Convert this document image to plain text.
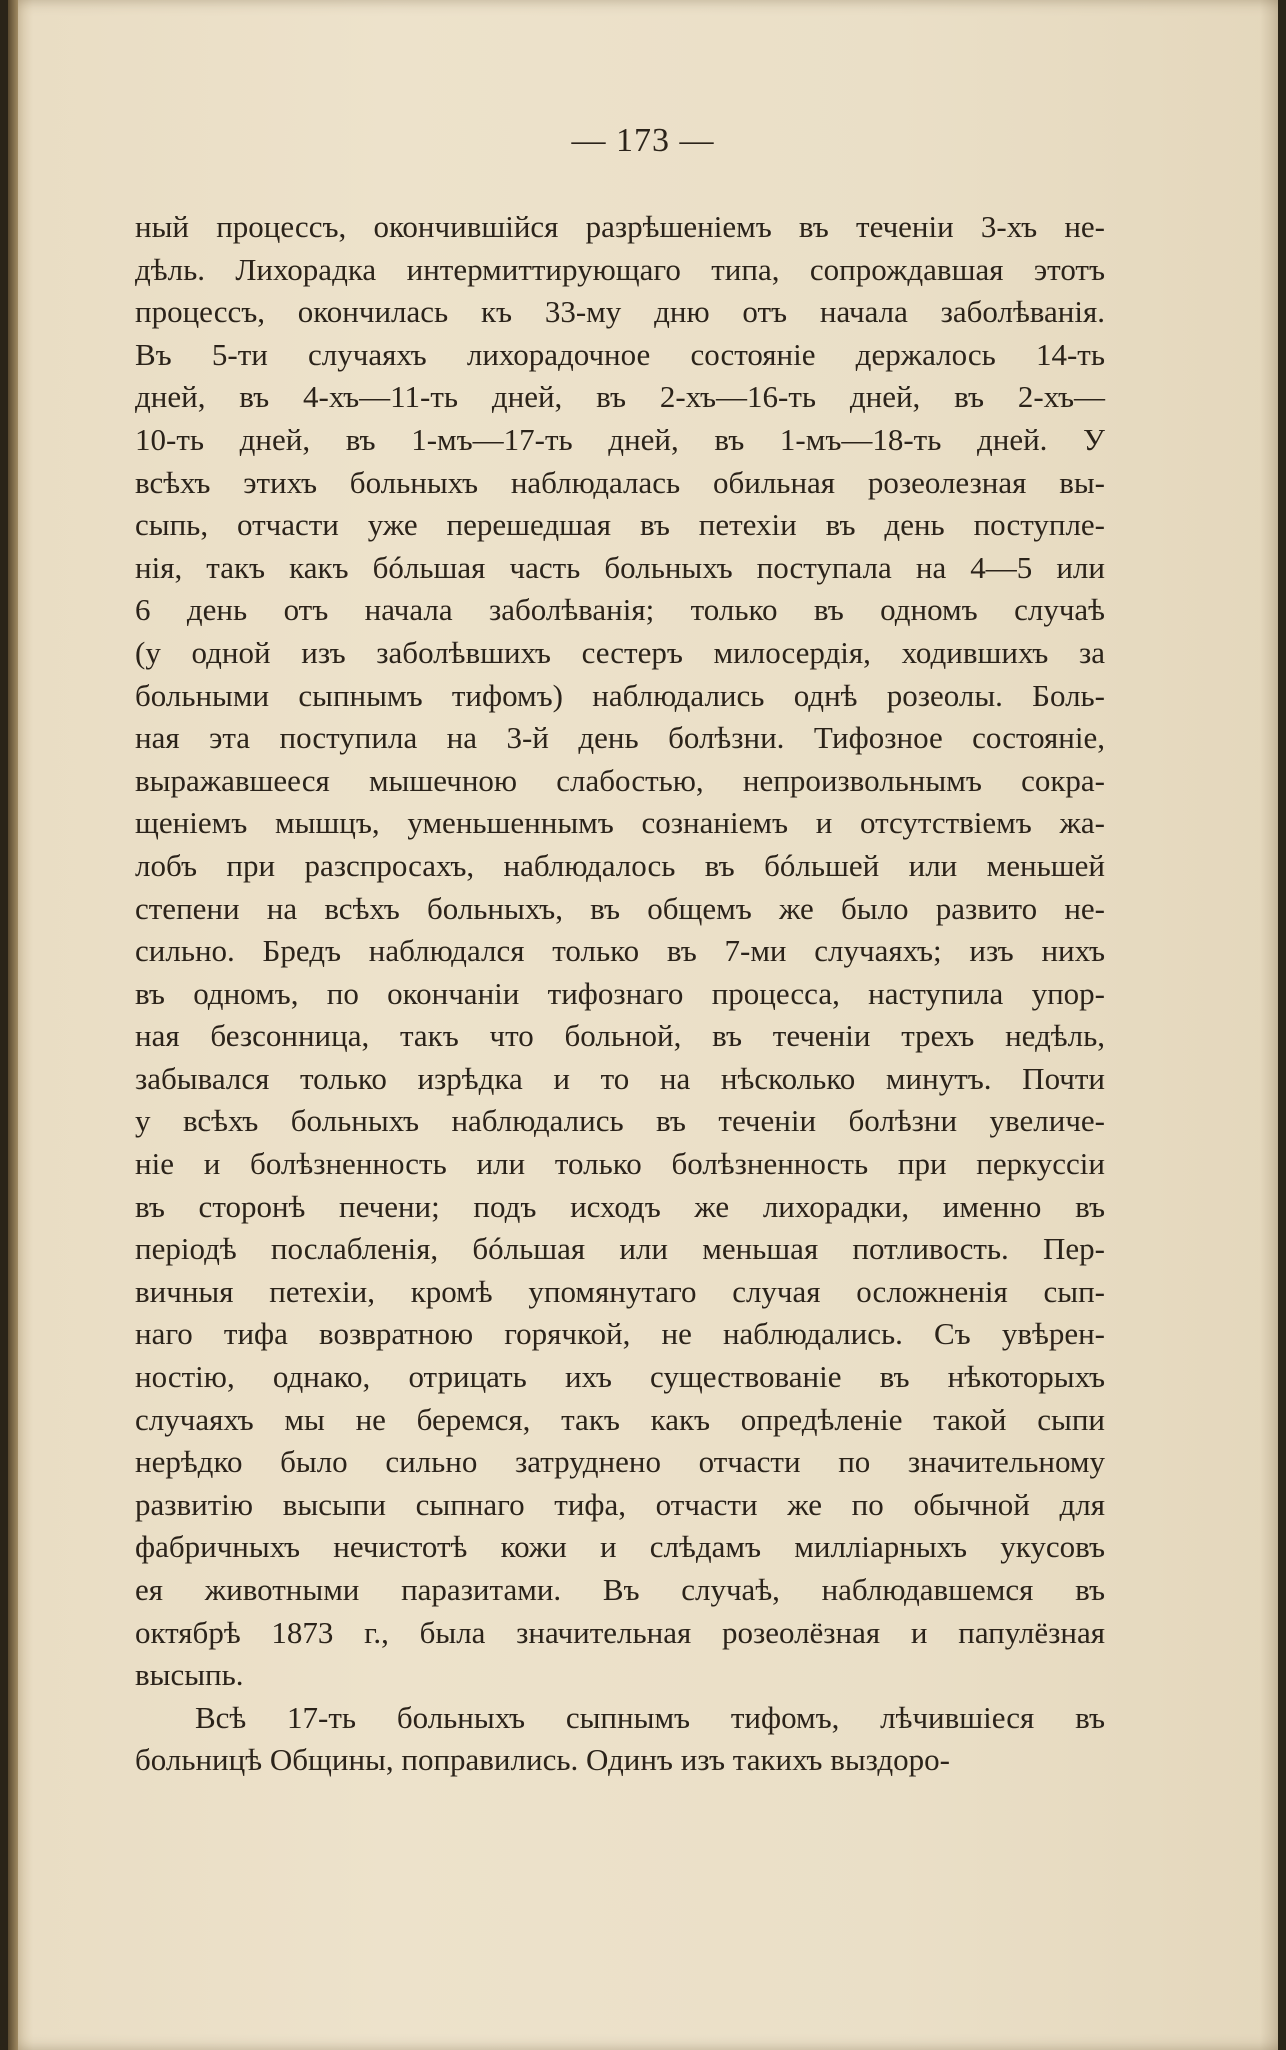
— 173 —
ный процессъ, окончившійся разрѣшеніемъ въ теченіи 3-хъ не-
дѣль. Лихорадка интермиттирующаго типа, сопрождавшая этотъ
процессъ, окончилась къ 33-му дню отъ начала заболѣванія.
Въ 5-ти случаяхъ лихорадочное состояніе держалось 14-ть
дней, въ 4-хъ—11-ть дней, въ 2-хъ—16-ть дней, въ 2-хъ—
10-ть дней, въ 1-мъ—17-ть дней, въ 1-мъ—18-ть дней. У
всѣхъ этихъ больныхъ наблюдалась обильная розеолезная вы-
сыпь, отчасти уже перешедшая въ петехіи въ день поступле-
нія, такъ какъ бóльшая часть больныхъ поступала на 4—5 или
6 день отъ начала заболѣванія; только въ одномъ случаѣ
(у одной изъ заболѣвшихъ сестеръ милосердія, ходившихъ за
больными сыпнымъ тифомъ) наблюдались однѣ розеолы. Боль-
ная эта поступила на 3-й день болѣзни. Тифозное состояніе,
выражавшееся мышечною слабостью, непроизвольнымъ сокра-
щеніемъ мышцъ, уменьшеннымъ сознаніемъ и отсутствіемъ жа-
лобъ при разспросахъ, наблюдалось въ бóльшей или меньшей
степени на всѣхъ больныхъ, въ общемъ же было развито не-
сильно. Бредъ наблюдался только въ 7-ми случаяхъ; изъ нихъ
въ одномъ, по окончаніи тифознаго процесса, наступила упор-
ная безсонница, такъ что больной, въ теченіи трехъ недѣль,
забывался только изрѣдка и то на нѣсколько минутъ. Почти
у всѣхъ больныхъ наблюдались въ теченіи болѣзни увеличе-
ніе и болѣзненность или только болѣзненность при перкуссіи
въ сторонѣ печени; подъ исходъ же лихорадки, именно въ
періодѣ послабленія, бóльшая или меньшая потливость. Пер-
вичныя петехіи, кромѣ упомянутаго случая осложненія сып-
наго тифа возвратною горячкой, не наблюдались. Съ увѣрен-
ностію, однако, отрицать ихъ существованіе въ нѣкоторыхъ
случаяхъ мы не беремся, такъ какъ опредѣленіе такой сыпи
нерѣдко было сильно затруднено отчасти по значительному
развитію высыпи сыпнаго тифа, отчасти же по обычной для
фабричныхъ нечистотѣ кожи и слѣдамъ милліарныхъ укусовъ
ея животными паразитами. Въ случаѣ, наблюдавшемся въ
октябрѣ 1873 г., была значительная розеолёзная и папулёзная
высыпь.
Всѣ 17-ть больныхъ сыпнымъ тифомъ, лѣчившіеся въ
больницѣ Общины, поправились. Одинъ изъ такихъ выздоро-
